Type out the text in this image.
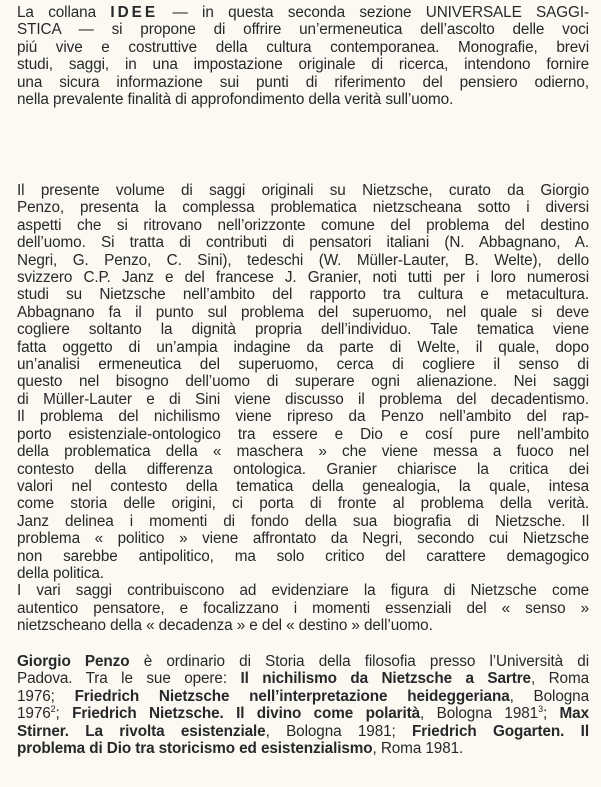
La collana IDEE — in questa seconda sezione UNIVERSALE SAGGI-
STICA — si propone di offrire un’ermeneutica dell’ascolto delle voci
piú vive e costruttive della cultura contemporanea. Monografie, brevi
studi, saggi, in una impostazione originale di ricerca, intendono fornire
una sicura informazione sui punti di riferimento del pensiero odierno,
nella prevalente finalità di approfondimento della verità sull’uomo.
Il presente volume di saggi originali su Nietzsche, curato da Giorgio
Penzo, presenta la complessa problematica nietzscheana sotto i diversi
aspetti che si ritrovano nell’orizzonte comune del problema del destino
dell’uomo. Si tratta di contributi di pensatori italiani (N. Abbagnano, A.
Negri, G. Penzo, C. Sini), tedeschi (W. Müller-Lauter, B. Welte), dello
svizzero C.P. Janz e del francese J. Granier, noti tutti per i loro numerosi
studi su Nietzsche nell’ambito del rapporto tra cultura e metacultura.
Abbagnano fa il punto sul problema del superuomo, nel quale si deve
cogliere soltanto la dignità propria dell’individuo. Tale tematica viene
fatta oggetto di un’ampia indagine da parte di Welte, il quale, dopo
un’analisi ermeneutica del superuomo, cerca di cogliere il senso di
questo nel bisogno dell’uomo di superare ogni alienazione. Nei saggi
di Müller-Lauter e di Sini viene discusso il problema del decadentismo.
Il problema del nichilismo viene ripreso da Penzo nell’ambito del rap-
porto esistenziale-ontologico tra essere e Dio e cosí pure nell’ambito
della problematica della « maschera » che viene messa a fuoco nel
contesto della differenza ontologica. Granier chiarisce la critica dei
valori nel contesto della tematica della genealogia, la quale, intesa
come storia delle origini, ci porta di fronte al problema della verità.
Janz delinea i momenti di fondo della sua biografia di Nietzsche. Il
problema « politico » viene affrontato da Negri, secondo cui Nietzsche
non sarebbe antipolitico, ma solo critico del carattere demagogico
della politica.
I vari saggi contribuiscono ad evidenziare la figura di Nietzsche come
autentico pensatore, e focalizzano i momenti essenziali del « senso »
nietzscheano della « decadenza » e del « destino » dell’uomo.
Giorgio Penzo è ordinario di Storia della filosofia presso l’Università di
Padova. Tra le sue opere: Il nichilismo da Nietzsche a Sartre, Roma
1976; Friedrich Nietzsche nell’interpretazione heideggeriana, Bologna
1976$^2$; Friedrich Nietzsche. Il divino come polarità, Bologna 1981$^3$; Max
Stirner. La rivolta esistenziale, Bologna 1981; Friedrich Gogarten. Il
problema di Dio tra storicismo ed esistenzialismo, Roma 1981.
